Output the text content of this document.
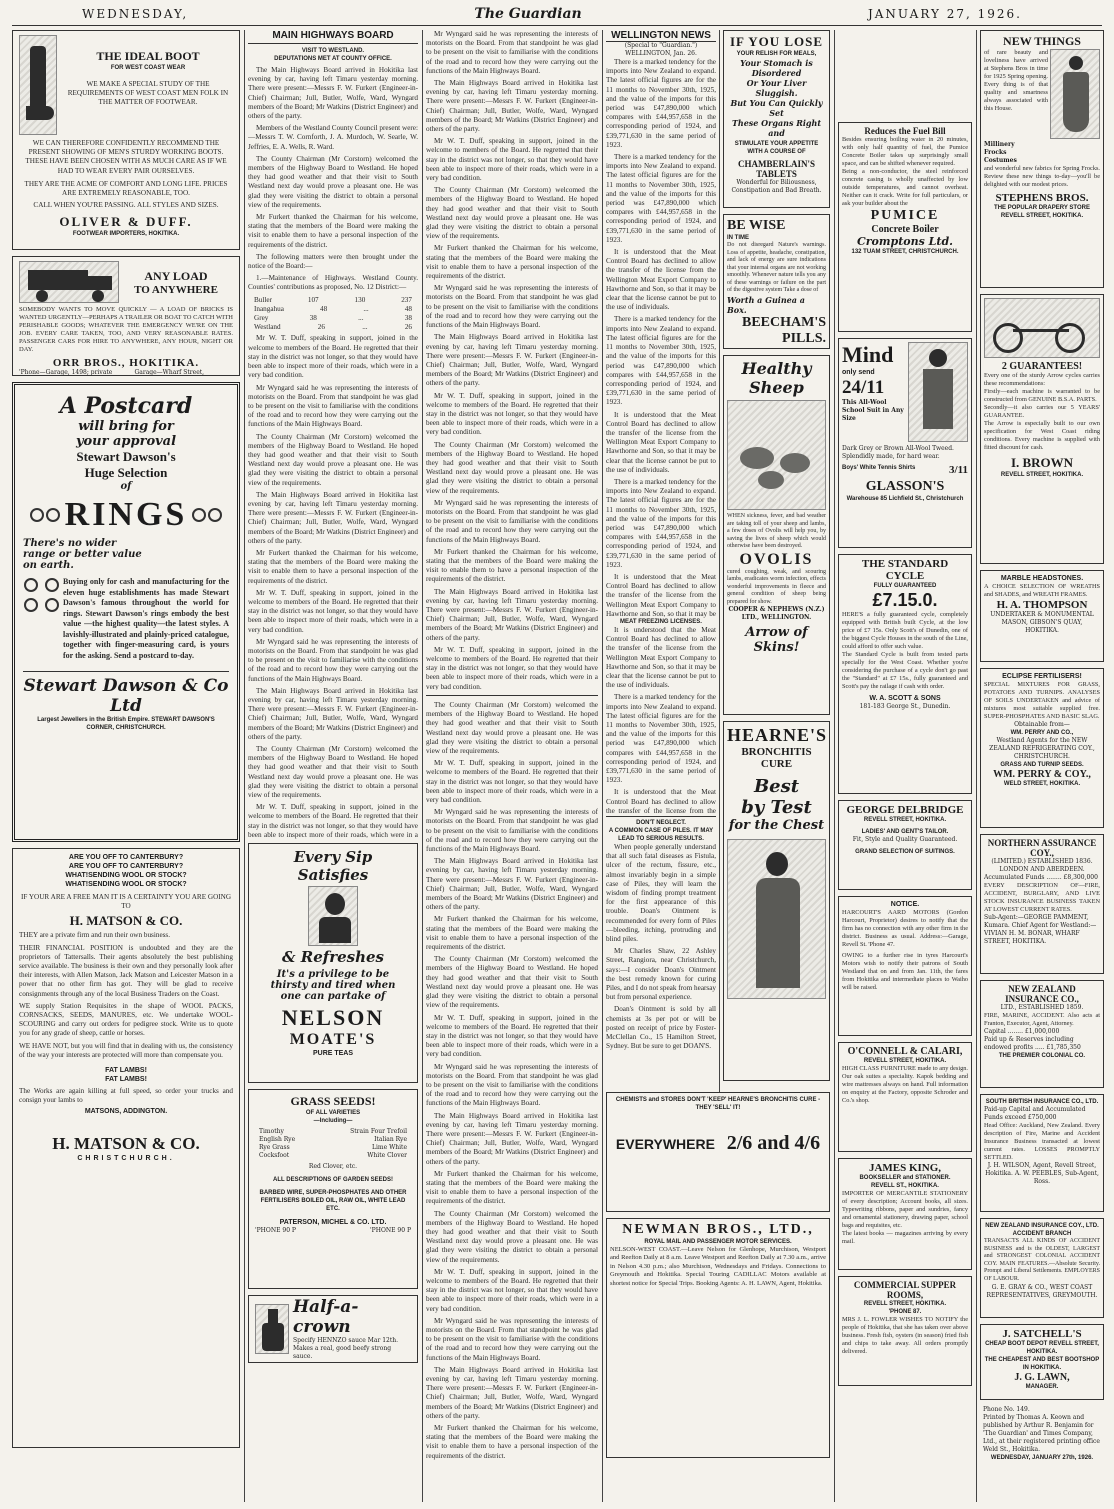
WEDNESDAY,	The Guardian	JANUARY 27, 1926.
THE IDEAL BOOT
FOR WEST COAST WEAR
WE MAKE A SPECIAL STUDY OF THE REQUIREMENTS OF WEST COAST MEN FOLK IN THE MATTER OF FOOTWEAR.
WE CAN THEREFORE CONFIDENTLY RECOMMEND THE PRESENT SHOWING OF MEN'S STURDY WORKING BOOTS. THESE HAVE BEEN CHOSEN WITH AS MUCH CARE AS IF WE HAD TO WEAR EVERY PAIR OURSELVES.
THEY ARE THE ACME OF COMFORT AND LONG LIFE. PRICES ARE EXTREMELY REASONABLE, TOO.
CALL WHEN YOU'RE PASSING. ALL STYLES AND SIZES.
OLIVER & DUFF.
FOOTWEAR IMPORTERS, HOKITIKA.
ANY LOAD
TO ANYWHERE
SOMEBODY WANTS TO MOVE QUICKLY — A LOAD OF BRICKS IS WANTED URGENTLY—PERHAPS A TRAILER OR BOAT TO CATCH WITH PERISHABLE GOODS; WHATEVER THE EMERGENCY WE'RE ON THE JOB. EVERY CARE TAKEN, TOO, AND VERY REASONABLE RATES. PASSENGER CARS FOR HIRE TO ANYWHERE, ANY HOUR, NIGHT OR DAY.
ORR BROS., HOKITIKA.
'Phone—Garage, 1498; private	Garage—Wharf Street,
A Postcard
will bring for
your approval
Stewart Dawson's
Huge Selection
of
RINGS
There's no wider range or better value on earth.

Buying only for cash and manufacturing for the eleven huge establishments has made Stewart Dawson's famous throughout the world for rings. Stewart Dawson's rings embody the best value —the highest quality—the latest styles. A lavishly-illustrated and plainly-priced catalogue, together with finger-measuring card, is yours for the asking. Send a postcard to-day.
Stewart Dawson & Co Ltd
Largest Jewellers in the British Empire. STEWART DAWSON'S CORNER, CHRISTCHURCH.
ARE YOU OFF TO CANTERBURY?
ARE YOU OFF TO CANTERBURY?
WHAT!SENDING WOOL OR STOCK?
WHAT!SENDING WOOL OR STOCK?
IF YOUR ARE A FREE MAN IT IS A CERTAINTY YOU ARE GOING TO
H. MATSON & CO.
THEY are a private firm and run their own business.
THEIR FINANCIAL POSITION is undoubted and they are the proprietors of Tattersalls. Their agents absolutely the best publishing service available. The business is their own and they personally look after their interests, with Allen Matson, Jack Matson and Leicester Matson in a power that no other firm has got. They will be glad to receive consignments through any of the local Business Traders on the Coast.
WE supply Station Requisites in the shape of WOOL PACKS, CORNSACKS, SEEDS, MANURES, etc. We undertake WOOL-SCOURING and carry out orders for pedigree stock. Write us to quote you for any grade of sheep, cattle or horses.
WE HAVE NOT, but you will find that in dealing with us, the consistency of the way your interests are protected will more than compensate you.
FAT LAMBS!
FAT LAMBS!
The Works are again killing at full speed, so order your trucks and consign your lambs to
MATSONS, ADDINGTON.
H. MATSON & CO.
CHRISTCHURCH.
MAIN HIGHWAYS BOARD
VISIT TO WESTLAND.
DEPUTATIONS MET AT COUNTY OFFICE.

The Main Highways Board arrived in Hokitika last evening by car, having left Timaru yesterday morning. There were present:—Messrs F. W. Furkert (Engineer-in-Chief) Chairman; Jull, Butler, Wolfe, Ward, Wyngard members of the Board; Mr Watkins (District Engineer) and others of the party.

Members of the Westland County Council present were:—Messrs T. W. Cornforth, J. A. Murdoch, W. Searle, W. Jeffries, E. A. Wells, R. Ward.

The County Chairman (Mr Corstorn) welcomed the members of the Highway Board to Westland. He hoped they had good weather and that their visit to South Westland next day would prove a pleasant one. He was glad they were visiting the district to obtain a personal view of the requirements.

Mr Furkert thanked the Chairman for his welcome, stating that the members of the Board were making the visit to enable them to have a personal inspection of the requirements of the district.

The following matters were then brought under the notice of the Board:—

1.—Maintenance of Highways. Westland County. Counties' contributions as proposed, No. 12 District:—

Buller	107	130	237
Inangahua	48	...	48
Grey	38	...	38
Westland	26	...	26

Mr W. T. Duff, speaking in support, joined in the welcome to members of the Board. He regretted that their stay in the district was not longer, so that they would have been able to inspect more of their roads, which were in a very bad condition.

Mr Wyngard said he was representing the interests of motorists on the Board. From that standpoint he was glad to be present on the visit to familiarise with the conditions of the road and to record how they were carrying out the functions of the Main Highways Board.

The County Chairman (Mr Corstorn) welcomed the members of the Highway Board to Westland. He hoped they had good weather and that their visit to South Westland next day would prove a pleasant one. He was glad they were visiting the district to obtain a personal view of the requirements.

The Main Highways Board arrived in Hokitika last evening by car, having left Timaru yesterday morning. There were present:—Messrs F. W. Furkert (Engineer-in-Chief) Chairman; Jull, Butler, Wolfe, Ward, Wyngard members of the Board; Mr Watkins (District Engineer) and others of the party.

Mr Furkert thanked the Chairman for his welcome, stating that the members of the Board were making the visit to enable them to have a personal inspection of the requirements of the district.

Mr W. T. Duff, speaking in support, joined in the welcome to members of the Board. He regretted that their stay in the district was not longer, so that they would have been able to inspect more of their roads, which were in a very bad condition.

Mr Wyngard said he was representing the interests of motorists on the Board. From that standpoint he was glad to be present on the visit to familiarise with the conditions of the road and to record how they were carrying out the functions of the Main Highways Board.

The Main Highways Board arrived in Hokitika last evening by car, having left Timaru yesterday morning. There were present:—Messrs F. W. Furkert (Engineer-in-Chief) Chairman; Jull, Butler, Wolfe, Ward, Wyngard members of the Board; Mr Watkins (District Engineer) and others of the party.

The County Chairman (Mr Corstorn) welcomed the members of the Highway Board to Westland. He hoped they had good weather and that their visit to South Westland next day would prove a pleasant one. He was glad they were visiting the district to obtain a personal view of the requirements.

Mr W. T. Duff, speaking in support, joined in the welcome to members of the Board. He regretted that their stay in the district was not longer, so that they would have been able to inspect more of their roads, which were in a

Every Sip
Satisfies
& Refreshes
It's a privilege to be thirsty and tired when one can partake of
NELSON
MOATE'S
PURE TEAS
GRASS SEEDS!
OF ALL VARIETIES
—Including—
Timothy
English Rye
Rye Grass
Cocksfoot
Strain Four Trefoil
Italian Rye
Lime White
White Clover
Red Clover, etc.
ALL DESCRIPTIONS OF GARDEN SEEDS!
BARBED WIRE, SUPER-PHOSPHATES AND OTHER FERTILISERS BOILED OIL, RAW OIL, WHITE LEAD ETC.
PATERSON, MICHEL & CO. LTD.
'PHONE 90 P	'PHONE 90 P
Half-a-crown
Specify HENNZO sauce Mar 12th. Makes a real, good beefy strong sauce.

Mr Wyngard said he was representing the interests of motorists on the Board. From that standpoint he was glad to be present on the visit to familiarise with the conditions of the road and to record how they were carrying out the functions of the Main Highways Board.

The Main Highways Board arrived in Hokitika last evening by car, having left Timaru yesterday morning. There were present:—Messrs F. W. Furkert (Engineer-in-Chief) Chairman; Jull, Butler, Wolfe, Ward, Wyngard members of the Board; Mr Watkins (District Engineer) and others of the party.

Mr W. T. Duff, speaking in support, joined in the welcome to members of the Board. He regretted that their stay in the district was not longer, so that they would have been able to inspect more of their roads, which were in a very bad condition.

The County Chairman (Mr Corstorn) welcomed the members of the Highway Board to Westland. He hoped they had good weather and that their visit to South Westland next day would prove a pleasant one. He was glad they were visiting the district to obtain a personal view of the requirements.

Mr Furkert thanked the Chairman for his welcome, stating that the members of the Board were making the visit to enable them to have a personal inspection of the requirements of the district.

Mr Wyngard said he was representing the interests of motorists on the Board. From that standpoint he was glad to be present on the visit to familiarise with the conditions of the road and to record how they were carrying out the functions of the Main Highways Board.

The Main Highways Board arrived in Hokitika last evening by car, having left Timaru yesterday morning. There were present:—Messrs F. W. Furkert (Engineer-in-Chief) Chairman; Jull, Butler, Wolfe, Ward, Wyngard members of the Board; Mr Watkins (District Engineer) and others of the party.

Mr W. T. Duff, speaking in support, joined in the welcome to members of the Board. He regretted that their stay in the district was not longer, so that they would have been able to inspect more of their roads, which were in a very bad condition.

The County Chairman (Mr Corstorn) welcomed the members of the Highway Board to Westland. He hoped they had good weather and that their visit to South Westland next day would prove a pleasant one. He was glad they were visiting the district to obtain a personal view of the requirements.

Mr Wyngard said he was representing the interests of motorists on the Board. From that standpoint he was glad to be present on the visit to familiarise with the conditions of the road and to record how they were carrying out the functions of the Main Highways Board.

Mr Furkert thanked the Chairman for his welcome, stating that the members of the Board were making the visit to enable them to have a personal inspection of the requirements of the district.

The Main Highways Board arrived in Hokitika last evening by car, having left Timaru yesterday morning. There were present:—Messrs F. W. Furkert (Engineer-in-Chief) Chairman; Jull, Butler, Wolfe, Ward, Wyngard members of the Board; Mr Watkins (District Engineer) and others of the party.

Mr W. T. Duff, speaking in support, joined in the welcome to members of the Board. He regretted that their stay in the district was not longer, so that they would have been able to inspect more of their roads, which were in a very bad condition.

The County Chairman (Mr Corstorn) welcomed the members of the Highway Board to Westland. He hoped they had good weather and that their visit to South Westland next day would prove a pleasant one. He was glad they were visiting the district to obtain a personal view of the requirements.

Mr W. T. Duff, speaking in support, joined in the welcome to members of the Board. He regretted that their stay in the district was not longer, so that they would have been able to inspect more of their roads, which were in a very bad condition.

Mr Wyngard said he was representing the interests of motorists on the Board. From that standpoint he was glad to be present on the visit to familiarise with the conditions of the road and to record how they were carrying out the functions of the Main Highways Board.

The Main Highways Board arrived in Hokitika last evening by car, having left Timaru yesterday morning. There were present:—Messrs F. W. Furkert (Engineer-in-Chief) Chairman; Jull, Butler, Wolfe, Ward, Wyngard members of the Board; Mr Watkins (District Engineer) and others of the party.

Mr Furkert thanked the Chairman for his welcome, stating that the members of the Board were making the visit to enable them to have a personal inspection of the requirements of the district.

The County Chairman (Mr Corstorn) welcomed the members of the Highway Board to Westland. He hoped they had good weather and that their visit to South Westland next day would prove a pleasant one. He was glad they were visiting the district to obtain a personal view of the requirements.

Mr W. T. Duff, speaking in support, joined in the welcome to members of the Board. He regretted that their stay in the district was not longer, so that they would have been able to inspect more of their roads, which were in a very bad condition.

Mr Wyngard said he was representing the interests of motorists on the Board. From that standpoint he was glad to be present on the visit to familiarise with the conditions of the road and to record how they were carrying out the functions of the Main Highways Board.

The Main Highways Board arrived in Hokitika last evening by car, having left Timaru yesterday morning. There were present:—Messrs F. W. Furkert (Engineer-in-Chief) Chairman; Jull, Butler, Wolfe, Ward, Wyngard members of the Board; Mr Watkins (District Engineer) and others of the party.

Mr Furkert thanked the Chairman for his welcome, stating that the members of the Board were making the visit to enable them to have a personal inspection of the requirements of the district.

The County Chairman (Mr Corstorn) welcomed the members of the Highway Board to Westland. He hoped they had good weather and that their visit to South Westland next day would prove a pleasant one. He was glad they were visiting the district to obtain a personal view of the requirements.

Mr W. T. Duff, speaking in support, joined in the welcome to members of the Board. He regretted that their stay in the district was not longer, so that they would have been able to inspect more of their roads, which were in a very bad condition.

Mr Wyngard said he was representing the interests of motorists on the Board. From that standpoint he was glad to be present on the visit to familiarise with the conditions of the road and to record how they were carrying out the functions of the Main Highways Board.

The Main Highways Board arrived in Hokitika last evening by car, having left Timaru yesterday morning. There were present:—Messrs F. W. Furkert (Engineer-in-Chief) Chairman; Jull, Butler, Wolfe, Ward, Wyngard members of the Board; Mr Watkins (District Engineer) and others of the party.

Mr Furkert thanked the Chairman for his welcome, stating that the members of the Board were making the visit to enable them to have a personal inspection of the requirements of the district.

WELLINGTON NEWS
(Special to "Guardian.")
WELLINGTON, Jan. 26.

There is a marked tendency for the imports into New Zealand to expand. The latest official figures are for the 11 months to November 30th, 1925, and the value of the imports for this period was £47,890,000 which compares with £44,957,658 in the corresponding period of 1924, and £39,771,630 in the same period of 1923.

There is a marked tendency for the imports into New Zealand to expand. The latest official figures are for the 11 months to November 30th, 1925, and the value of the imports for this period was £47,890,000 which compares with £44,957,658 in the corresponding period of 1924, and £39,771,630 in the same period of 1923.

It is understood that the Meat Control Board has declined to allow the transfer of the license from the Wellington Meat Export Company to Hawthorne and Son, so that it may be clear that the license cannot be put to the use of individuals.

There is a marked tendency for the imports into New Zealand to expand. The latest official figures are for the 11 months to November 30th, 1925, and the value of the imports for this period was £47,890,000 which compares with £44,957,658 in the corresponding period of 1924, and £39,771,630 in the same period of 1923.

It is understood that the Meat Control Board has declined to allow the transfer of the license from the Wellington Meat Export Company to Hawthorne and Son, so that it may be clear that the license cannot be put to the use of individuals.

There is a marked tendency for the imports into New Zealand to expand. The latest official figures are for the 11 months to November 30th, 1925, and the value of the imports for this period was £47,890,000 which compares with £44,957,658 in the corresponding period of 1924, and £39,771,630 in the same period of 1923.

It is understood that the Meat Control Board has declined to allow the transfer of the license from the Wellington Meat Export Company to Hawthorne and Son, so that it may be

MEAT FREEZING LICENSES.

It is understood that the Meat Control Board has declined to allow the transfer of the license from the Wellington Meat Export Company to Hawthorne and Son, so that it may be clear that the license cannot be put to the use of individuals.

There is a marked tendency for the imports into New Zealand to expand. The latest official figures are for the 11 months to November 30th, 1925, and the value of the imports for this period was £47,890,000 which compares with £44,957,658 in the corresponding period of 1924, and £39,771,630 in the same period of 1923.

It is understood that the Meat Control Board has declined to allow the transfer of the license from the

DON'T NEGLECT.
A COMMON CASE OF PILES. IT MAY LEAD TO SERIOUS RESULTS.

When people generally understand that all such fatal diseases as Fistula, ulcer of the rectum, fissure, etc., almost invariably begin in a simple case of Piles, they will learn the wisdom of finding prompt treatment for the first appearance of this trouble. Doan's Ointment is recommended for every form of Piles—bleeding, itching, protruding and blind piles.

Mr Charles Shaw, 22 Ashley Street, Rangiora, near Christchurch, says:—I consider Doan's Ointment the best remedy known for curing Piles, and I do not speak from hearsay but from personal experience.

Doan's Ointment is sold by all chemists at 3s per pot or will be posted on receipt of price by Foster-McClellan Co., 15 Hamilton Street, Sydney. But be sure to get DOAN'S.

IF YOU LOSE
YOUR RELISH FOR MEALS,
Your Stomach is Disordered
Or Your Liver Sluggish.
But You Can Quickly Set
These Organs Right and
STIMULATE YOUR APPETITE
WITH A COURSE OF
CHAMBERLAIN'S TABLETS
Wonderful for Biliousness, Constipation and Bad Breath.
BE WISE
IN TIME
Do not disregard Nature's warnings. Loss of appetite, headache, constipation, and lack of energy are sure indications that your internal organs are not working smoothly. Whenever nature tells you any of these warnings or failure on the part of the digestive system Take a dose of
Worth a Guinea a Box.
BEECHAM'S PILLS.
Healthy Sheep
WHEN sickness, fever, and bad weather are taking toll of your sheep and lambs, a few doses of Ovolis will help you, by saving the lives of sheep which would otherwise have been destroyed.
OVOLIS
cured coughing, weak, and scouring lambs, eradicates worm infection, effects wonderful improvements in fleece and general condition of sheep being prepared for show.
COOPER & NEPHEWS (N.Z.) LTD., WELLINGTON.
Arrow of Skins!
HEARNE'S
BRONCHITIS CURE
Best
by Test
for the Chest
CHEMISTS and STORES DON'T 'KEEP' HEARNE'S BRONCHITIS CURE - THEY 'SELL' IT!
EVERYWHERE 2/6 and 4/6
NEWMAN BROS., LTD.,
ROYAL MAIL AND PASSENGER MOTOR SERVICES.
NELSON-WEST COAST.—Leave Nelson for Glenhope, Murchison, Westport and Reefton Daily at 8 a.m. Leave Westport and Reefton Daily at 7.30 a.m., arrive in Nelson 4.30 p.m.; also Murchison, Wednesdays and Fridays. Connections to Greymouth and Hokitika. Special Touring CADILLAC Motors available at shortest notice for Special Trips. Booking Agents: A. H. LAWN, Agent, Hokitika.
Reduces the Fuel Bill
Besides ensuring boiling water in 20 minutes, with only half quantity of fuel, the Pumice Concrete Boiler takes up surprisingly small space, and can be shifted whenever required.
Being a non-conductor, the steel reinforced concrete casing is wholly unaffected by low outside temperatures, and cannot overheat. Neither can it crack. Write for full particulars, or ask your builder about the
PUMICE
Concrete Boiler
Cromptons Ltd.
132 TUAM STREET, CHRISTCHURCH.
Mind
only send
24/11
This All-Wool School Suit in Any Size
Dark Grey or Brown All-Wool Tweed. Splendidly made, for hard wear.
Boys' White Tennis Shirts	3/11
GLASSON'S
Warehouse 85 Lichfield St., Christchurch
THE STANDARD
CYCLE
FULLY GUARANTEED
£7.15.0.
HERE'S a fully guaranteed cycle, completely equipped with British built Cycle, at the low price of £7 15s. Only Scott's of Dunedin, one of the biggest Cycle Houses in the south of the Line, could afford to offer such value.
The Standard Cycle is built from tested parts specially for the West Coast. Whether you're considering the purchase of a cycle don't go past the "Standard" at £7 15s., fully guaranteed and Scott's pay the railage if cash with order.
W. A. SCOTT & SONS
181-183 George St., Dunedin.
GEORGE DELBRIDGE
REVELL STREET, HOKITIKA.
LADIES' AND GENT'S TAILOR.
Fit, Style and Quality Guaranteed.
GRAND SELECTION OF SUITINGS.
NOTICE.
HARCOURT'S AARD MOTORS (Gordon Harcourt, Proprietor) desires to notify that the firm has no connection with any other firm in the district. Business as usual. Address:—Garage, Revell St. 'Phone 47.
OWING to a further rise in tyres Harcourt's Motors wish to notify their patrons of South Westland that on and from Jan. 11th, the fares from Hokitika and intermediate places to Waiho will be raised.
O'CONNELL & CALARI,
REVELL STREET, HOKITIKA.
HIGH CLASS FURNITURE made to any design. Our oak suites a speciality. Kapok bedding and wire mattresses always on hand. Full information on enquiry at the Factory, opposite Schroder and Co.'s shop.
JAMES KING,
BOOKSELLER and STATIONER.
REVELL ST., HOKITIKA.
IMPORTER OF MERCANTILE STATIONERY of every description; Account books, all sizes. Typewriting ribbons, paper and sundries, fancy and ornamental stationery, drawing paper, school bags and requisites, etc.
The latest books — magazines arriving by every mail.
COMMERCIAL SUPPER ROOMS,
REVELL STREET, HOKITIKA.
'PHONE 87.
MRS J. L. FOWLER WISHES TO NOTIFY the people of Hokitika, that she has taken over above business. Fresh fish, oysters (in season) fried fish and chips to take away. All orders promptly delivered.
NEW THINGS
of rare beauty and loveliness have arrived at Stephens Bros in time for 1925 Spring opening. Every thing is of that quality and smartness always associated with this House.
Millinery
Frocks
Costumes
and wonderful new fabrics for Spring Frocks. Review these new things to-day—you'll be delighted with our modest prices.
STEPHENS BROS.
THE POPULAR DRAPERY STORE
REVELL STREET, HOKITIKA.
2 GUARANTEES!
Every one of the sturdy Arrow cycles carries these recommendations:
Firstly—each machine is warranted to be constructed from GENUINE B.S.A. PARTS.
Secondly—it also carries our 5 YEARS' GUARANTEE.
The Arrow is especially built to our own specification for West Coast riding conditions. Every machine is supplied with fitted discount for cash.
I. BROWN
REVELL STREET, HOKITIKA.
MARBLE HEADSTONES.
A CHOICE SELECTION OF WREATHS and SHADES, and WREATH FRAMES.
H. A. THOMPSON
UNDERTAKER & MONUMENTAL MASON, GIBSON'S QUAY, HOKITIKA.
ECLIPSE FERTILISERS!
SPECIAL MIXTURES FOR GRASS, POTATOES AND TURNIPS. ANALYSES OF SOILS UNDERTAKEN and advice of mixtures most suitable supplied free. SUPER-PHOSPHATES AND BASIC SLAG.
Obtainable from—
WM. PERRY AND CO.,
Westland Agents for the NEW ZEALAND REFRIGERATING COY., CHRISTCHURCH.
GRASS AND TURNIP SEEDS.
WM. PERRY & COY.,
WELD STREET, HOKITIKA.
NORTHERN ASSURANCE COY.,
(LIMITED.) ESTABLISHED 1836.
LONDON AND ABERDEEN.
Accumulated Funds ........ £8,300,000
EVERY DESCRIPTION OF—FIRE, ACCIDENT, BURGLARY, AND LIVE STOCK INSURANCE BUSINESS TAKEN AT LOWEST CURRENT RATES.
Sub-Agent:—GEORGE PAMMENT, Kumara. Chief Agent for Westland:—VIVIAN H. M. BONAR, WHARF STREET, HOKITIKA.
NEW ZEALAND INSURANCE CO.,
LTD., ESTABLISHED 1859.
FIRE, MARINE, ACCIDENT. Also acts at Franton, Executor, Agent, Attorney.
Capital ........ £1,000,000
Paid up & Reserves including endowed profits ..... £1,785,350
THE PREMIER COLONIAL CO.
SOUTH BRITISH INSURANCE CO., LTD.
Paid-up Capital and Accumulated Funds exceed £750,000
Head Office: Auckland, New Zealand. Every description of Fire, Marine and Accident Insurance Business transacted at lowest current rates. LOSSES PROMPTLY SETTLED.
J. H. WILSON, Agent, Revell Street, Hokitika. A. W. PEEBLES, Sub-Agent, Ross.
NEW ZEALAND INSURANCE COY., LTD.
ACCIDENT BRANCH
TRANSACTS ALL KINDS OF ACCIDENT BUSINESS and is the OLDEST, LARGEST and STRONGEST COLONIAL ACCIDENT COY. MAIN FEATURES.—Absolute Security. Prompt and Liberal Settlements. EMPLOYERS OF LABOUR.
G. E. GRAY & CO., WEST COAST REPRESENTATIVES, GREYMOUTH.
J. SATCHELL'S
CHEAP BOOT DEPOT REVELL STREET, HOKITIKA.
THE CHEAPEST AND BEST BOOTSHOP IN HOKITIKA.
J. G. LAWN,
MANAGER.
Phone No. 149.
Printed by Thomas A. Keown and published by Arthur R. Benjamin for 'The Guardian' and Times Company, Ltd., at their registered printing office Weld St., Hokitika.
WEDNESDAY, JANUARY 27th, 1926.
